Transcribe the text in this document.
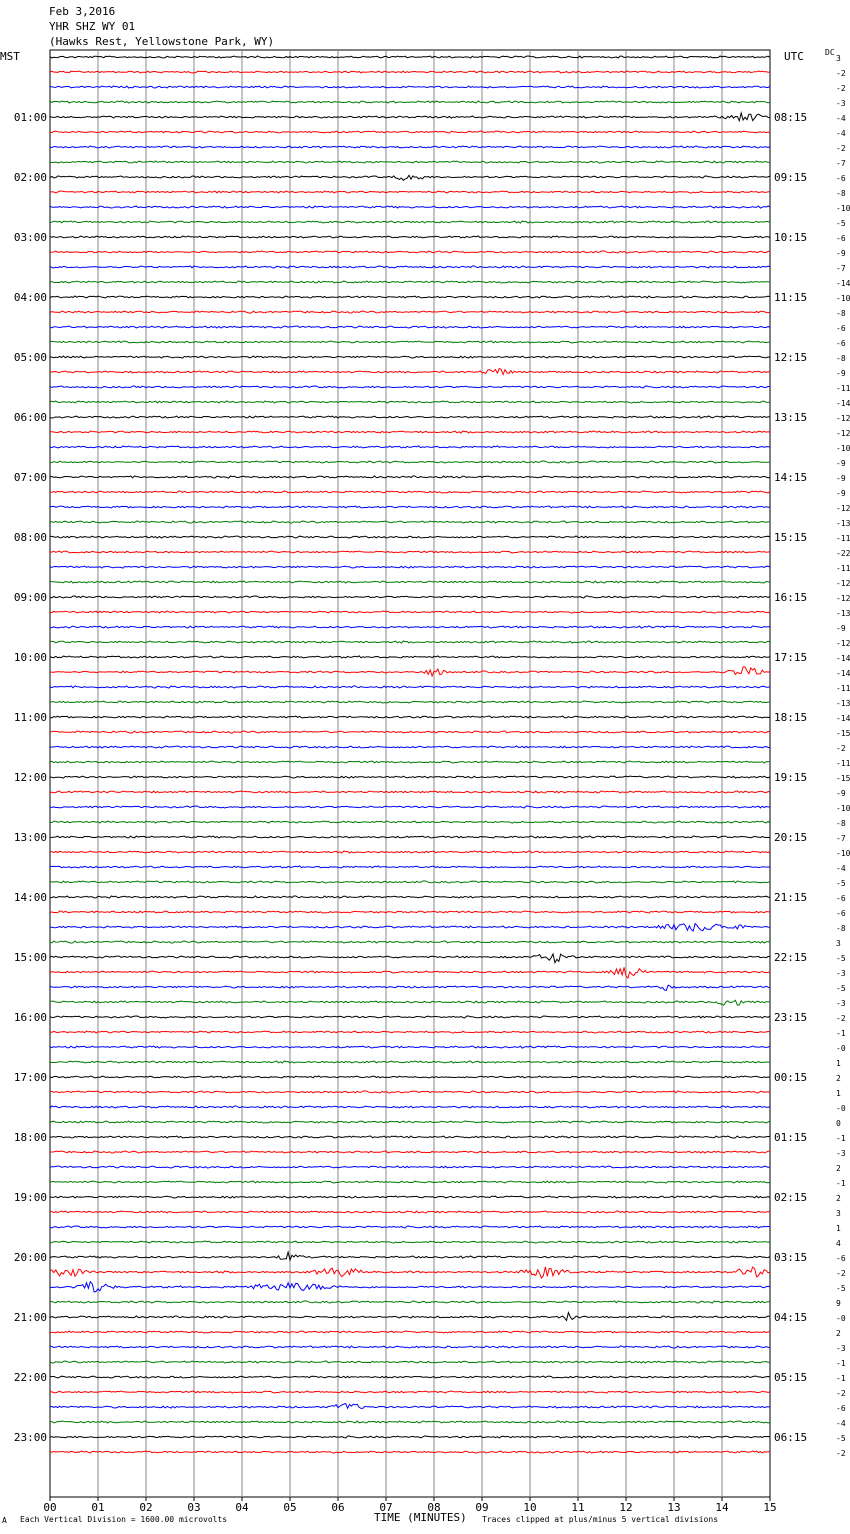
Feb 3,2016
YHR SHZ WY 01
(Hawks Rest, Yellowstone Park, WY)
MST	UTC	DC
3
-2
-2
-3
-4
-4
-2
-7
-6
-8
-10
-5
-6
-9
-7
-14
-10
-8
-6
-6
-8
-9
-11
-14
-12
-12
-10
-9
-9
-9
-12
-13
-11
-22
-11
-12
-12
-13
-9
-12
-14
-14
-11
-13
-14
-15
-2
-11
-15
-9
-10
-8
-7
-10
-4
-5
-6
-6
-8
3
-5
-3
-5
-3
-2
-1
-0
1
2
1
-0
0
-1
-3
2
-1
2
3
1
4
-6
-2
-5
9
-0
2
-3
-1
-1
-2
-6
-4
-5
-2
01:00
02:00
03:00
04:00
05:00
06:00
07:00
08:00
09:00
10:00
11:00
12:00
13:00
14:00
15:00
16:00
17:00
18:00
19:00
20:00
21:00
22:00
23:00
08:15
09:15
10:15
11:15
12:15
13:15
14:15
15:15
16:15
17:15
18:15
19:15
20:15
21:15
22:15
23:15
00:15
01:15
02:15
03:15
04:15
05:15
06:15
00	01	02	03	04	05	06	07	08	09	10	11	12	13	14	15
A Each Vertical Division = 1600.00 microvolts	TIME (MINUTES) Traces clipped at plus/minus 5 vertical divisions
